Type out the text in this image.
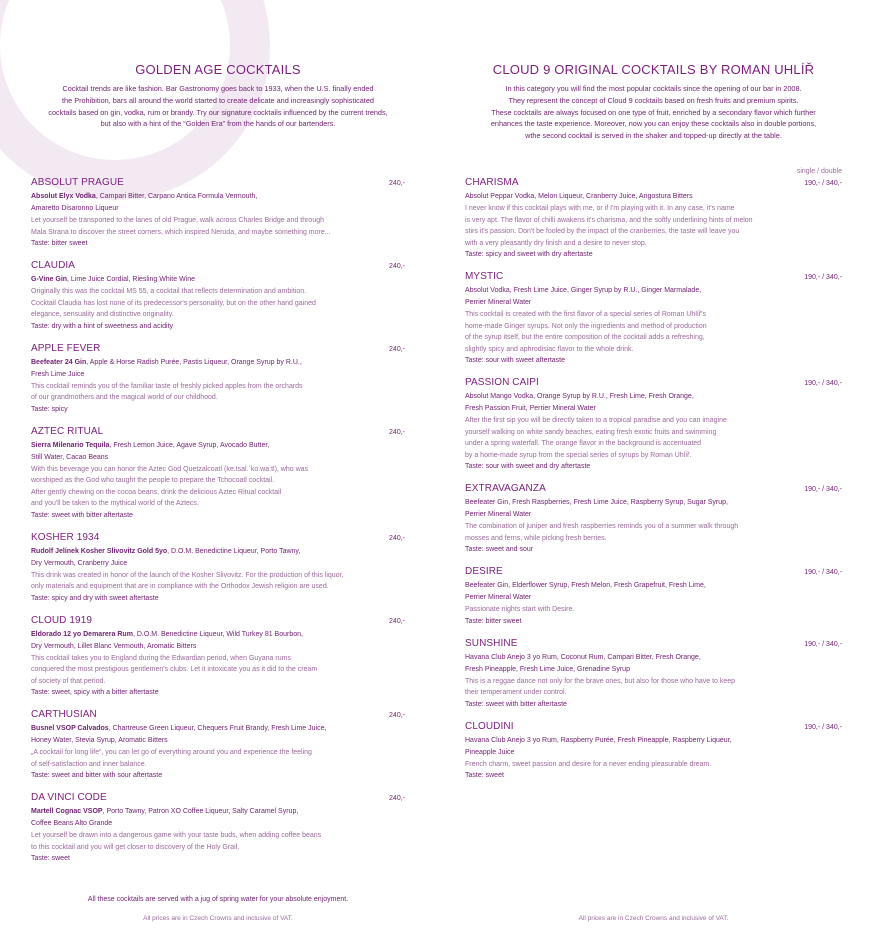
GOLDEN AGE COCKTAILS
Cocktail trends are like fashion. Bar Gastronomy goes back to 1933, when the U.S. finally ended
the Prohibition, bars all around the world started to create delicate and increasingly sophisticated
cocktails based on gin, vodka, rum or brandy. Try our signature cocktails influenced by the current trends,
but also with a hint of the “Golden Era” from the hands of our bartenders.
ABSOLUT PRAGUE	240,-
Absolut Elyx Vodka, Campari Bitter, Carpano Antica Formula Vermouth,
Amaretto Disaronno Liqueur
Let yourself be transported to the lanes of old Prague, walk across Charles Bridge and through
Mala Strana to discover the street corners, which inspired Neruda, and maybe something more...
Taste: bitter sweet
CLAUDIA	240,-
G-Vine Gin, Lime Juice Cordial, Riesling White Wine
Originally this was the cocktail MS 55, a cocktail that reflects determination and ambition.
Cocktail Claudia has lost none of its predecessor's personality, but on the other hand gained
elegance, sensuality and distinctive originality.
Taste: dry with a hint of sweetness and acidity
APPLE FEVER	240,-
Beefeater 24 Gin, Apple & Horse Radish Purée, Pastis Liqueur, Orange Syrup by R.U.,
Fresh Lime Juice
This cocktail reminds you of the familiar taste of freshly picked apples from the orchards
of our grandmothers and the magical world of our childhood.
Taste: spicy
AZTEC RITUAL	240,-
Sierra Milenario Tequila, Fresh Lemon Juice, Agave Syrup, Avocado Butter,
Still Water, Cacao Beans
With this beverage you can honor the Aztec God Quetzalcoatl (ke.tsal.ˈko.wa:tl), who was
worshiped as the God who taught the people to prepare the Tchocoatl cocktail.
After gently chewing on the cocoa beans, drink the delicious Aztec Ritual cocktail
and you'll be taken to the mythical world of the Aztecs.
Taste: sweet with bitter aftertaste
KOSHER 1934	240,-
Rudolf Jelínek Kosher Slivovitz Gold 5yo, D.O.M. Benedictine Liqueur, Porto Tawny,
Dry Vermouth, Cranberry Juice
This drink was created in honor of the launch of the Kosher Slivovitz. For the production of this liquor,
only materials and equipment that are in compliance with the Orthodox Jewish religion are used.
Taste: spicy and dry with sweet aftertaste
CLOUD 1919	240,-
Eldorado 12 yo Demarera Rum, D.O.M. Benedictine Liqueur, Wild Turkey 81 Bourbon,
Dry Vermouth, Lillet Blanc Vermouth, Aromatic Bitters
This cocktail takes you to England during the Edwardian period, when Guyana rums
conquered the most prestigious gentlemen's clubs. Let it intoxicate you as it did to the cream
of society of that period.
Taste: sweet, spicy with a bitter aftertaste
CARTHUSIAN	240,-
Busnel VSOP Calvados, Chartreuse Green Liqueur, Chequers Fruit Brandy, Fresh Lime Juice,
Honey Water, Stevia Syrup, Aromatic Bitters
„A cocktail for long life“, you can let go of everything around you and experience the feeling
of self-satisfaction and inner balance.
Taste: sweet and bitter with sour aftertaste
DA VINCI CODE	240,-
Martell Cognac VSOP, Porto Tawny, Patron XO Coffee Liqueur, Salty Caramel Syrup,
Coffee Beans Alto Grande
Let yourself be drawn into a dangerous game with your taste buds, when adding coffee beans
to this cocktail and you will get closer to discovery of the Holy Grail.
Taste: sweet
All these cocktails are served with a jug of spring water for your absolute enjoyment.
All prices are in Czech Crowns and inclusive of VAT.
CLOUD 9 ORIGINAL COCKTAILS BY ROMAN UHLÍŘ
In this category you will find the most popular cocktails since the opening of our bar in 2008.
They represent the concept of Cloud 9 cocktails based on fresh fruits and premium spirits.
These cocktails are always focused on one type of fruit, enriched by a secondary flavor which further
enhances the taste experience. Moreover, now you can enjoy these cocktails also in double portions,
wthe second cocktail is served in the shaker and topped-up directly at the table.
single / double
CHARISMA	190,- / 340,-
Absolut Peppar Vodka, Melon Liqueur, Cranberry Juice, Angostura Bitters
I never know if this cocktail plays with me, or if I'm playing with it. In any case, it's name
is very apt. The flavor of chilli awakens it's charisma, and the softly underlining hints of melon
stirs it's passion. Don't be fooled by the impact of the cranberries, the taste will leave you
with a very pleasantly dry finish and a desire to never stop.
Taste: spicy and sweet with dry aftertaste
MYSTIC	190,- / 340,-
Absolut Vodka, Fresh Lime Juice, Ginger Syrup by R.U., Ginger Marmalade,
Perrier Mineral Water
This cocktail is created with the first flavor of a special series of Roman Uhlíř's
home-made Ginger syrups. Not only the ingredients and method of production
of the syrup itself, but the entire composition of the cocktail adds a refreshing,
slightly spicy and aphrodisiac flavor to the whole drink.
Taste: sour with sweet aftertaste
PASSION CAIPI	190,- / 340,-
Absolut Mango Vodka, Orange Syrup by R.U., Fresh Lime, Fresh Orange,
Fresh Passion Fruit, Perrier Mineral Water
After the first sip you will be directly taken to a tropical paradise and you can imagine
yourself walking on white sandy beaches, eating fresh exotic fruits and swimming
under a spring waterfall. The orange flavor in the background is accentuated
by a home-made syrup from the special series of syrups by Roman Uhlíř.
Taste: sour with sweet and dry aftertaste
EXTRAVAGANZA	190,- / 340,-
Beefeater Gin, Fresh Raspberries, Fresh Lime Juice, Raspberry Syrup, Sugar Syrup,
Perrier Mineral Water
The combination of juniper and fresh raspberries reminds you of a summer walk through
mosses and ferns, while picking fresh berries.
Taste: sweet and sour
DESIRE	190,- / 340,-
Beefeater Gin, Elderflower Syrup, Fresh Melon, Fresh Grapefruit, Fresh Lime,
Perrier Mineral Water
Passionate nights start with Desire.
Taste: bitter sweet
SUNSHINE	190,- / 340,-
Havana Club Anejo 3 yo Rum, Coconut Rum, Campari Bitter, Fresh Orange,
Fresh Pineapple, Fresh Lime Juice, Grenadine Syrup
This is a reggae dance not only for the brave ones, but also for those who have to keep
their temperament under control.
Taste: sweet with bitter aftertaste
CLOUDINI	190,- / 340,-
Havana Club Anejo 3 yo Rum, Raspberry Purée, Fresh Pineapple, Raspberry Liqueur,
Pineapple Juice
French charm, sweet passion and desire for a never ending pleasurable dream.
Taste: sweet
All prices are in Czech Crowns and inclusive of VAT.
